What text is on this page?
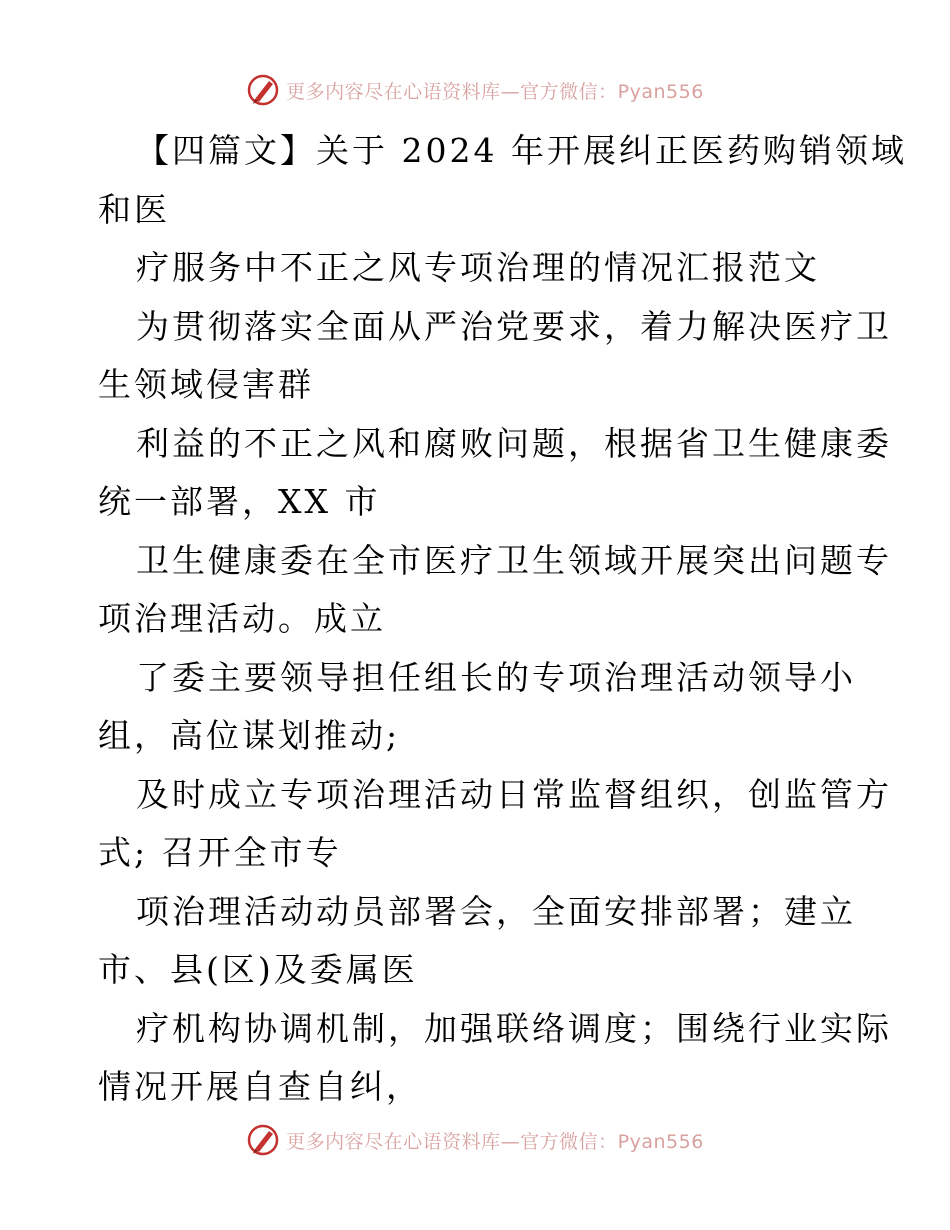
更多内容尽在心语资料库—官方微信：Pyan556
【四篇文】关于 2024 年开展纠正医药购销领域
和医
疗服务中不正之风专项治理的情况汇报范文
为贯彻落实全面从严治党要求，着力解决医疗卫
生领域侵害群
利益的不正之风和腐败问题，根据省卫生健康委
统一部署，XX 市
卫生健康委在全市医疗卫生领域开展突出问题专
项治理活动。成立
了委主要领导担任组长的专项治理活动领导小
组，高位谋划推动;
及时成立专项治理活动日常监督组织，创监管方
式; 召开全市专
项治理活动动员部署会，全面安排部署；建立
市、县(区)及委属医
疗机构协调机制，加强联络调度；围绕行业实际
情况开展自查自纠，
更多内容尽在心语资料库—官方微信：Pyan556
